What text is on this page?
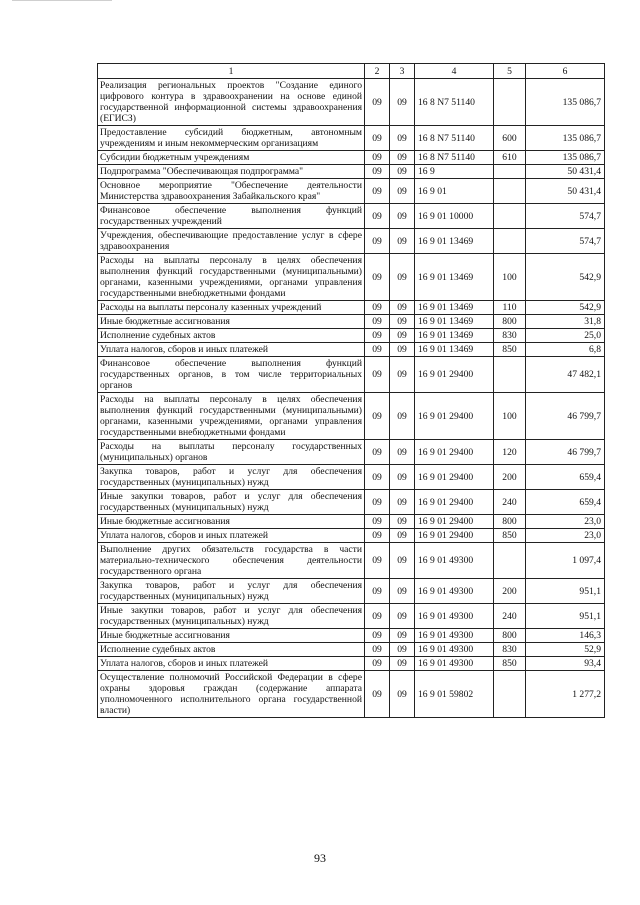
1	2	3	4	5	6
Реализация региональных проектов "Создание единого цифрового контура в здравоохранении на основе единой государственной информационной системы здравоохранения (ЕГИСЗ)	09	09	16 8 N7 51140		135 086,7
Предоставление субсидий бюджетным, автономным учреждениям и иным некоммерческим организациям	09	09	16 8 N7 51140	600	135 086,7
Субсидии бюджетным учреждениям	09	09	16 8 N7 51140	610	135 086,7
Подпрограмма "Обеспечивающая подпрограмма"	09	09	16 9		50 431,4
Основное мероприятие "Обеспечение деятельности Министерства здравоохранения Забайкальского края"	09	09	16 9 01		50 431,4
Финансовое обеспечение выполнения функций государственных учреждений	09	09	16 9 01 10000		574,7
Учреждения, обеспечивающие предоставление услуг в сфере здравоохранения	09	09	16 9 01 13469		574,7
Расходы на выплаты персоналу в целях обеспечения выполнения функций государственными (муниципальными) органами, казенными учреждениями, органами управления государственными внебюджетными фондами	09	09	16 9 01 13469	100	542,9
Расходы на выплаты персоналу казенных учреждений	09	09	16 9 01 13469	110	542,9
Иные бюджетные ассигнования	09	09	16 9 01 13469	800	31,8
Исполнение судебных актов	09	09	16 9 01 13469	830	25,0
Уплата налогов, сборов и иных платежей	09	09	16 9 01 13469	850	6,8
Финансовое обеспечение выполнения функций государственных органов, в том числе территориальных органов	09	09	16 9 01 29400		47 482,1
Расходы на выплаты персоналу в целях обеспечения выполнения функций государственными (муниципальными) органами, казенными учреждениями, органами управления государственными внебюджетными фондами	09	09	16 9 01 29400	100	46 799,7
Расходы на выплаты персоналу государственных (муниципальных) органов	09	09	16 9 01 29400	120	46 799,7
Закупка товаров, работ и услуг для обеспечения государственных (муниципальных) нужд	09	09	16 9 01 29400	200	659,4
Иные закупки товаров, работ и услуг для обеспечения государственных (муниципальных) нужд	09	09	16 9 01 29400	240	659,4
Иные бюджетные ассигнования	09	09	16 9 01 29400	800	23,0
Уплата налогов, сборов и иных платежей	09	09	16 9 01 29400	850	23,0
Выполнение других обязательств государства в части материально-технического обеспечения деятельности государственного органа	09	09	16 9 01 49300		1 097,4
Закупка товаров, работ и услуг для обеспечения государственных (муниципальных) нужд	09	09	16 9 01 49300	200	951,1
Иные закупки товаров, работ и услуг для обеспечения государственных (муниципальных) нужд	09	09	16 9 01 49300	240	951,1
Иные бюджетные ассигнования	09	09	16 9 01 49300	800	146,3
Исполнение судебных актов	09	09	16 9 01 49300	830	52,9
Уплата налогов, сборов и иных платежей	09	09	16 9 01 49300	850	93,4
Осуществление полномочий Российской Федерации в сфере охраны здоровья граждан (содержание аппарата уполномоченного исполнительного органа государственной власти)	09	09	16 9 01 59802		1 277,2
93
